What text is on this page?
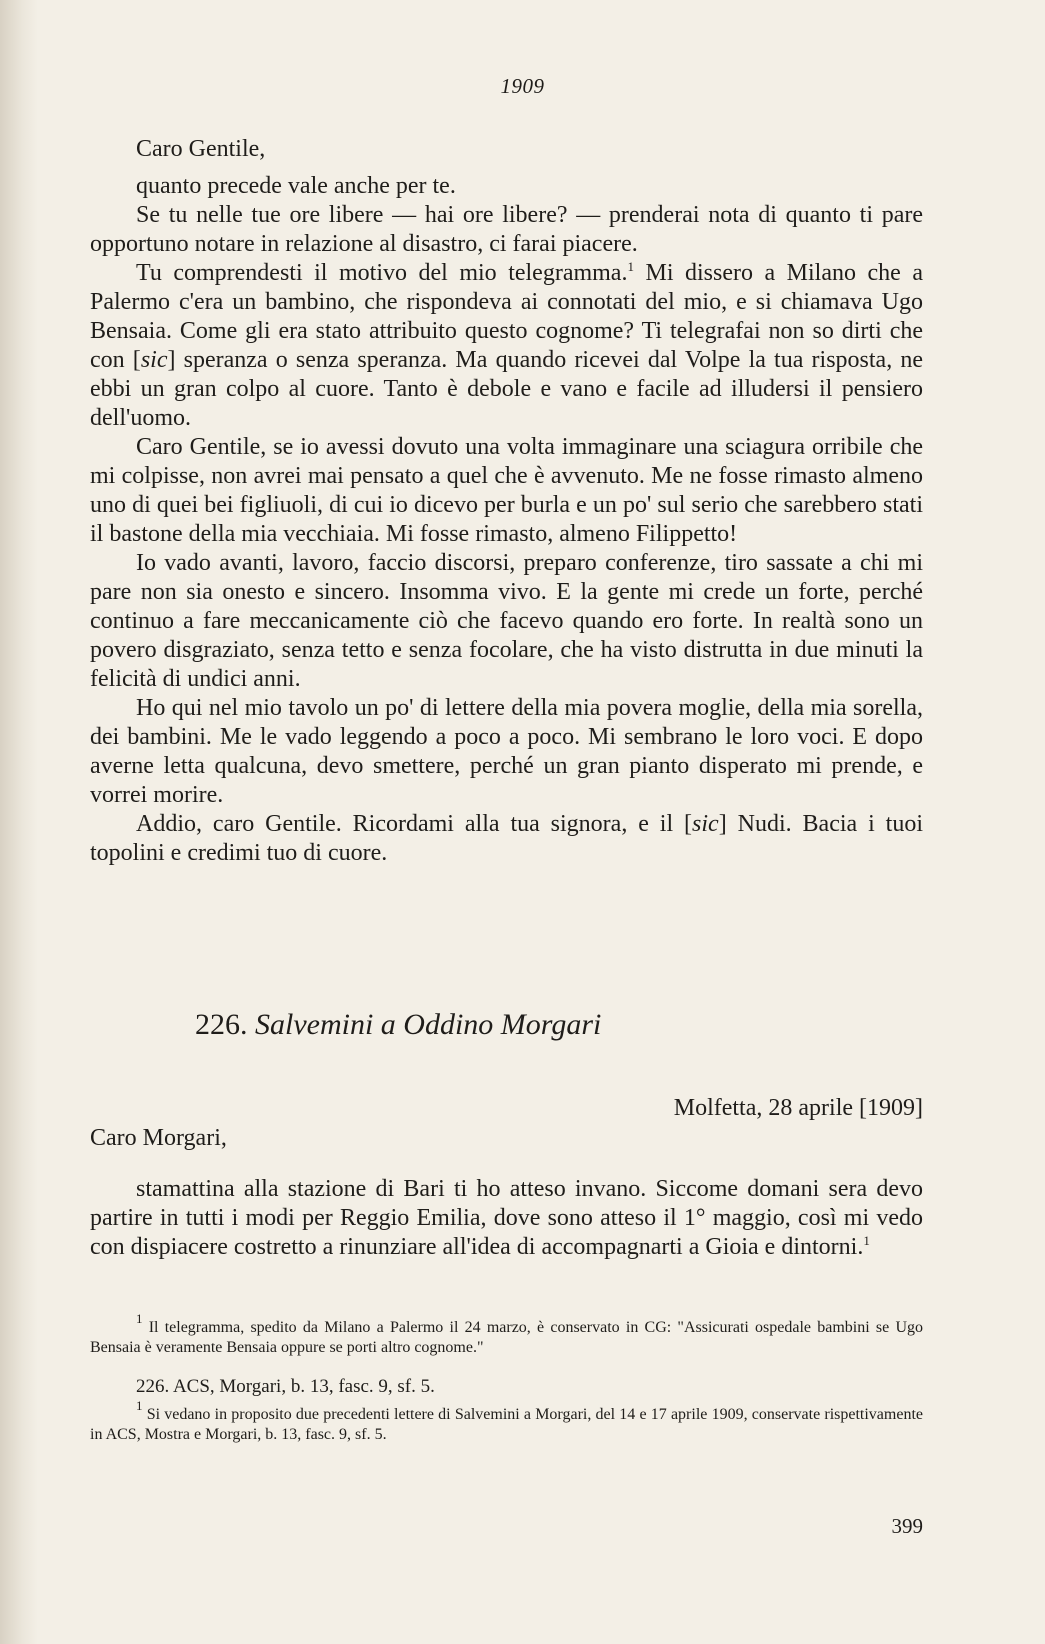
1909
Caro Gentile,

quanto precede vale anche per te.

Se tu nelle tue ore libere — hai ore libere? — prenderai nota di quanto ti pare opportuno notare in relazione al disastro, ci farai piacere.

Tu comprendesti il motivo del mio telegramma.$^1$ Mi dissero a Milano che a Palermo c'era un bambino, che rispondeva ai connotati del mio, e si chiamava Ugo Bensaia. Come gli era stato attribuito questo cognome? Ti telegrafai non so dirti che con [sic] speranza o senza speranza. Ma quando ricevei dal Volpe la tua risposta, ne ebbi un gran colpo al cuore. Tanto è debole e vano e facile ad illudersi il pensiero dell'uomo.

Caro Gentile, se io avessi dovuto una volta immaginare una sciagura orribile che mi colpisse, non avrei mai pensato a quel che è avvenuto. Me ne fosse rimasto almeno uno di quei bei figliuoli, di cui io dicevo per burla e un po' sul serio che sarebbero stati il bastone della mia vecchiaia. Mi fosse rimasto, almeno Filippetto!

Io vado avanti, lavoro, faccio discorsi, preparo conferenze, tiro sassate a chi mi pare non sia onesto e sincero. Insomma vivo. E la gente mi crede un forte, perché continuo a fare meccanicamente ciò che facevo quando ero forte. In realtà sono un povero disgraziato, senza tetto e senza focolare, che ha visto distrutta in due minuti la felicità di undici anni.

Ho qui nel mio tavolo un po' di lettere della mia povera moglie, della mia sorella, dei bambini. Me le vado leggendo a poco a poco. Mi sembrano le loro voci. E dopo averne letta qualcuna, devo smettere, perché un gran pianto disperato mi prende, e vorrei morire.

Addio, caro Gentile. Ricordami alla tua signora, e il [sic] Nudi. Bacia i tuoi topolini e credimi tuo di cuore.

226. Salvemini a Oddino Morgari
Molfetta, 28 aprile [1909]
Caro Morgari,

stamattina alla stazione di Bari ti ho atteso invano. Siccome domani sera devo partire in tutti i modi per Reggio Emilia, dove sono atteso il 1° maggio, così mi vedo con dispiacere costretto a rinunziare all'idea di accompagnarti a Gioia e dintorni.$^1$

$^1$ Il telegramma, spedito da Milano a Palermo il 24 marzo, è conservato in CG: "Assicurati ospedale bambini se Ugo Bensaia è veramente Bensaia oppure se porti altro cognome."
226. ACS, Morgari, b. 13, fasc. 9, sf. 5.
$^1$ Si vedano in proposito due precedenti lettere di Salvemini a Morgari, del 14 e 17 aprile 1909, conservate rispettivamente in ACS, Mostra e Morgari, b. 13, fasc. 9, sf. 5.
399
